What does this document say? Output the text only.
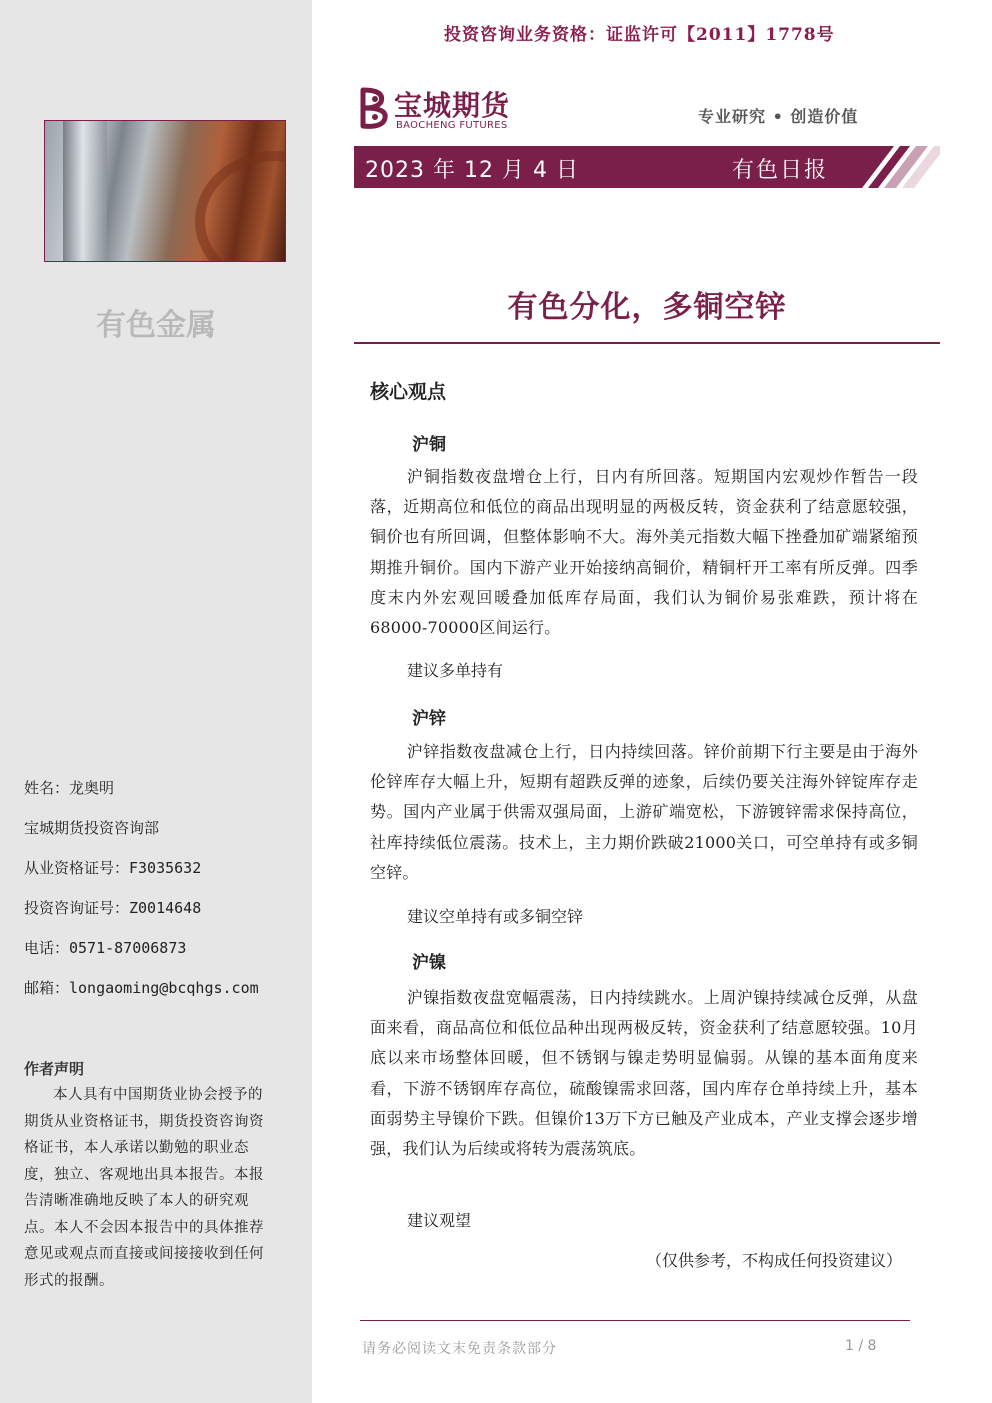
有色金属
姓名：龙奥明
宝城期货投资咨询部
从业资格证号：F3035632
投资咨询证号：Z0014648
电话：0571-87006873
邮箱：longaoming@bcqhgs.com
作者声明
本人具有中国期货业协会授予的期货从业资格证书，期货投资咨询资格证书，本人承诺以勤勉的职业态度，独立、客观地出具本报告。本报告清晰准确地反映了本人的研究观点。本人不会因本报告中的具体推荐意见或观点而直接或间接接收到任何形式的报酬。
投资咨询业务资格：证监许可【2011】1778号
宝城期货
BAOCHENG FUTURES	专业研究 • 创造价值
2023 年 12 月 4 日	有色日报
有色分化，多铜空锌
核心观点
沪铜
沪铜指数夜盘增仓上行，日内有所回落。短期国内宏观炒作暂告一段落，近期高位和低位的商品出现明显的两极反转，资金获利了结意愿较强，铜价也有所回调，但整体影响不大。海外美元指数大幅下挫叠加矿端紧缩预期推升铜价。国内下游产业开始接纳高铜价，精铜杆开工率有所反弹。四季度末内外宏观回暖叠加低库存局面，我们认为铜价易张难跌，预计将在68000-70000区间运行。
建议多单持有
沪锌
沪锌指数夜盘减仓上行，日内持续回落。锌价前期下行主要是由于海外伦锌库存大幅上升，短期有超跌反弹的迹象，后续仍要关注海外锌锭库存走势。国内产业属于供需双强局面，上游矿端宽松，下游镀锌需求保持高位，社库持续低位震荡。技术上，主力期价跌破21000关口，可空单持有或多铜空锌。
建议空单持有或多铜空锌
沪镍
沪镍指数夜盘宽幅震荡，日内持续跳水。上周沪镍持续减仓反弹，从盘面来看，商品高位和低位品种出现两极反转，资金获利了结意愿较强。10月底以来市场整体回暖，但不锈钢与镍走势明显偏弱。从镍的基本面角度来看，下游不锈钢库存高位，硫酸镍需求回落，国内库存仓单持续上升，基本面弱势主导镍价下跌。但镍价13万下方已触及产业成本，产业支撑会逐步增强，我们认为后续或将转为震荡筑底。
建议观望
（仅供参考，不构成任何投资建议）
请务必阅读文末免责条款部分	1 / 8
